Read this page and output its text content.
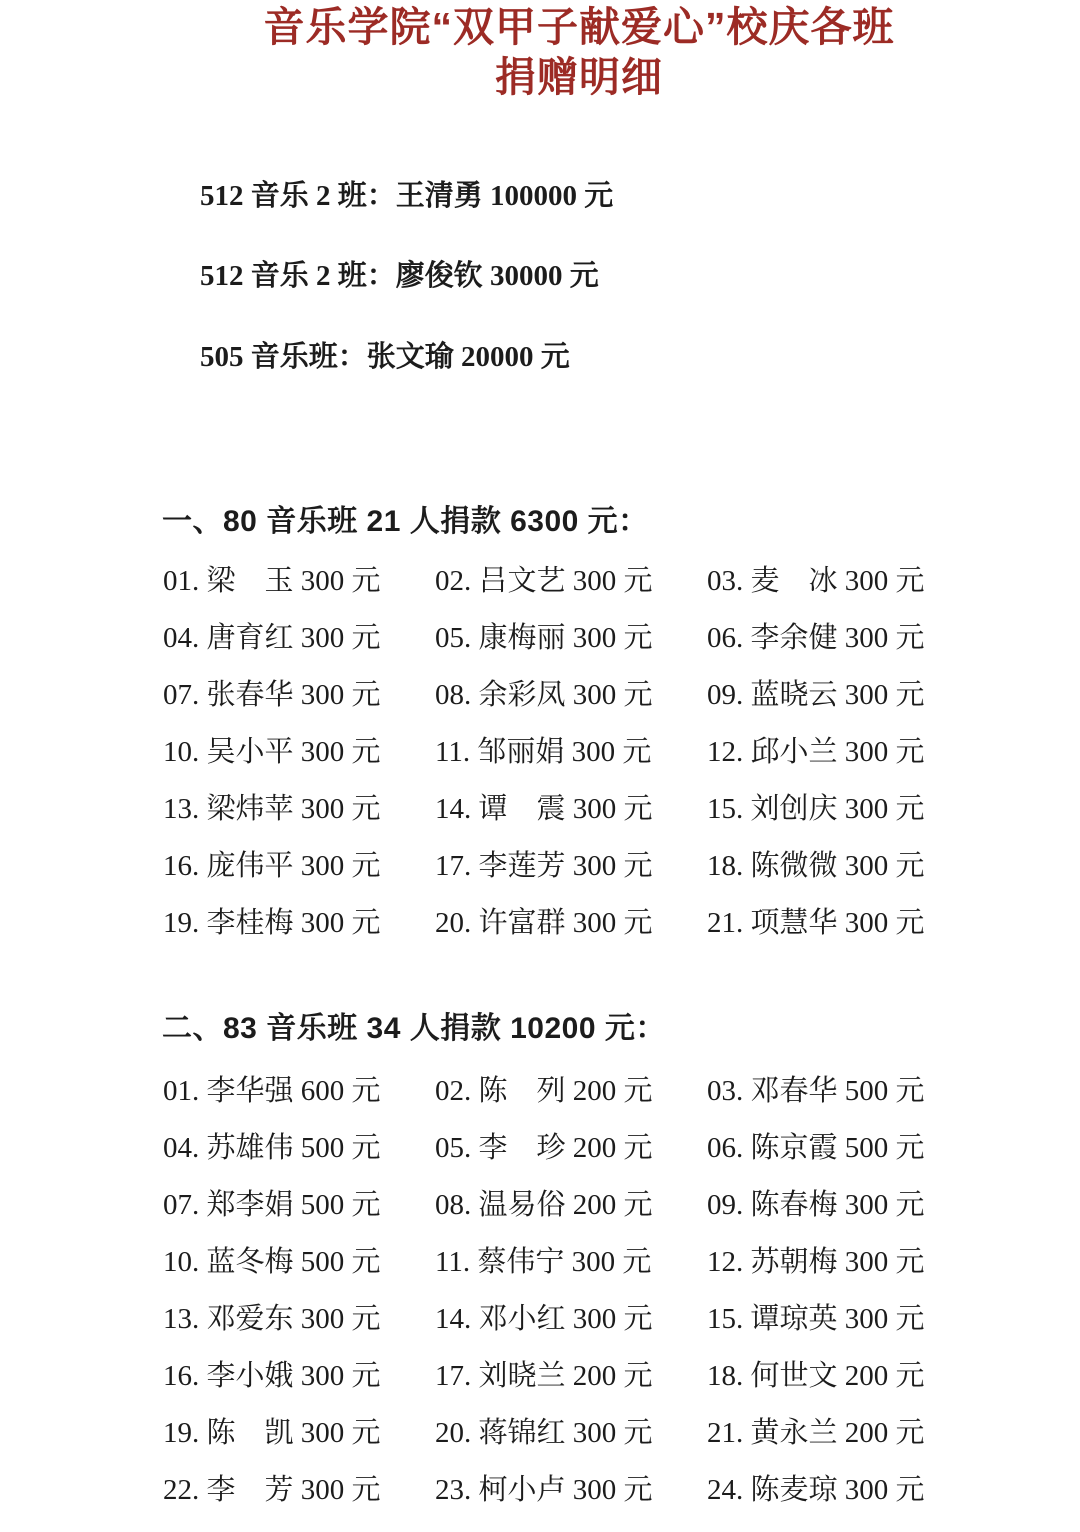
音乐学院“双甲子献爱心”校庆各班
捐赠明细
512 音乐 2 班：王清勇 100000 元
512 音乐 2 班：廖俊钦 30000 元
505 音乐班：张文瑜 20000 元
一、80 音乐班 21 人捐款 6300 元：
01. 梁　玉 300 元	02. 吕文艺 300 元	03. 麦　冰 300 元
04. 唐育红 300 元	05. 康梅丽 300 元	06. 李余健 300 元
07. 张春华 300 元	08. 余彩凤 300 元	09. 蓝晓云 300 元
10. 吴小平 300 元	11. 邹丽娟 300 元	12. 邱小兰 300 元
13. 梁炜苹 300 元	14. 谭　震 300 元	15. 刘创庆 300 元
16. 庞伟平 300 元	17. 李莲芳 300 元	18. 陈微微 300 元
19. 李桂梅 300 元	20. 许富群 300 元	21. 项慧华 300 元
二、83 音乐班 34 人捐款 10200 元：
01. 李华强 600 元	02. 陈　列 200 元	03. 邓春华 500 元
04. 苏雄伟 500 元	05. 李　珍 200 元	06. 陈京霞 500 元
07. 郑李娟 500 元	08. 温易俗 200 元	09. 陈春梅 300 元
10. 蓝冬梅 500 元	11. 蔡伟宁 300 元	12. 苏朝梅 300 元
13. 邓爱东 300 元	14. 邓小红 300 元	15. 谭琼英 300 元
16. 李小娥 300 元	17. 刘晓兰 200 元	18. 何世文 200 元
19. 陈　凯 300 元	20. 蒋锦红 300 元	21. 黄永兰 200 元
22. 李　芳 300 元	23. 柯小卢 300 元	24. 陈麦琼 300 元
